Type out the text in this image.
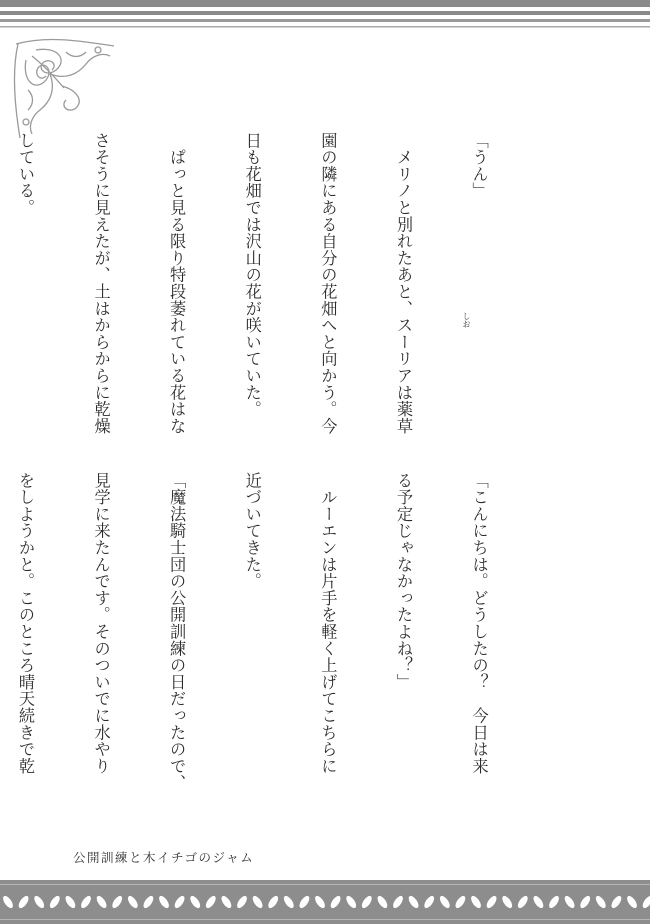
「うん」

　メリノと別れたあと、スーリアは薬草

園の隣にある自分の花畑へと向かう。今

日も花畑では沢山の花が咲いていた。

　ぱっと見る限り特段萎れている花はな

さそうに見えたが、土はからからに乾燥

している。

「こんにちは。どうしたの？　今日は来

る予定じゃなかったよね？」

　ルーエンは片手を軽く上げてこちらに

近づいてきた。

「魔法騎士団の公開訓練の日だったので、

見学に来たんです。そのついでに水やり

をしようかと。このところ晴天続きで乾

しお
公開訓練と木イチゴのジャム
